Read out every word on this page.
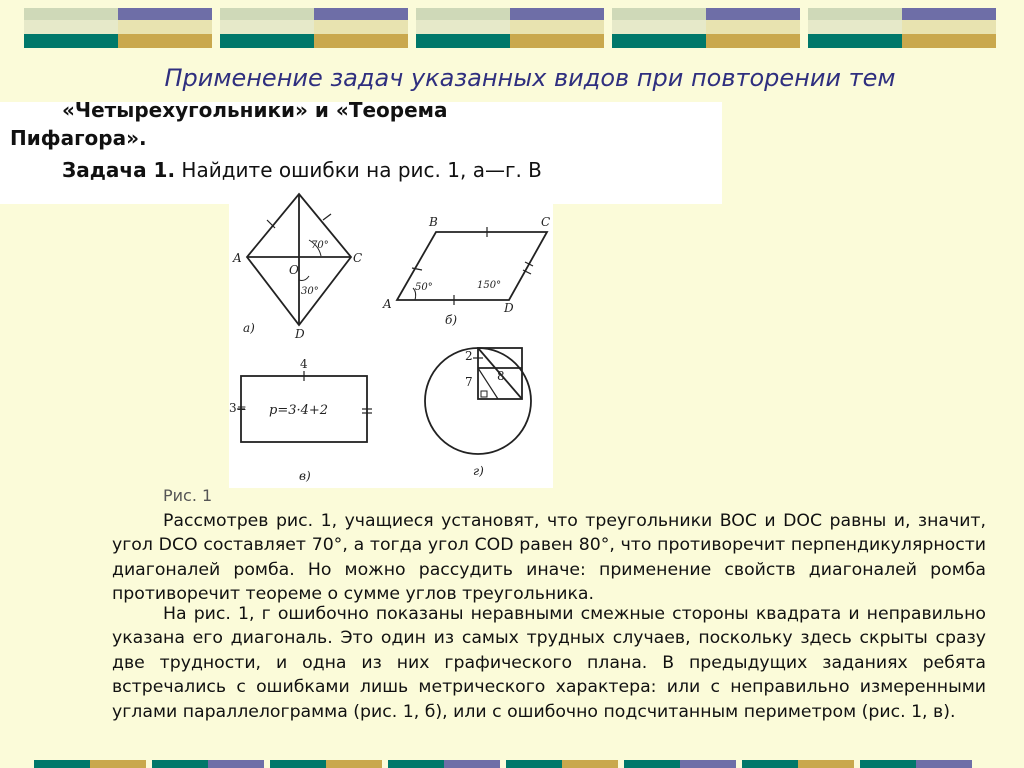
Применение задач указанных видов при повторении тем
«Четырехугольники» и «Теорема
Пифагора».
Задача 1. Найдите ошибки на рис. 1, а—г. В
A
O
C
D
70°
30°
а)
B	C
A	D
50°	150°
б)
4
3= p=3·4+2
в)
2
7 8
г)
Рис. 1
Рассмотрев рис. 1, учащиеся установят, что треугольники BOC и DOC равны и, значит, угол DCO составляет 70°, а тогда угол COD равен 80°, что противоречит перпендикулярности диагоналей ромба. Но можно рассудить иначе: применение свойств диагоналей ромба противоречит теореме о сумме углов треугольника.
На рис. 1, г ошибочно показаны неравными смежные стороны квадрата и неправильно указана его диагональ. Это один из самых трудных случаев, поскольку здесь скрыты сразу две трудности, и одна из них графического плана. В предыдущих заданиях ребята встречались с ошибками лишь метрического характера: или с неправильно измеренными углами параллелограмма (рис. 1, б), или с ошибочно подсчитанным периметром (рис. 1, в).
